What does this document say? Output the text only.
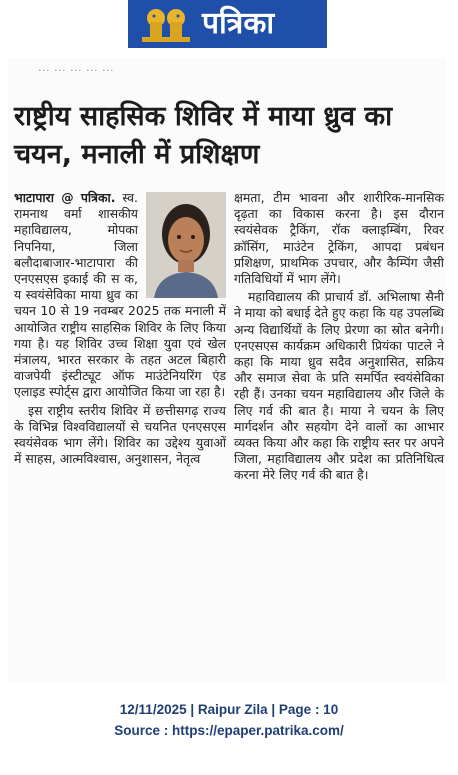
पत्रिका
... ... ... ... ...
राष्ट्रीय साहसिक शिविर में माया ध्रुव का चयन, मनाली में प्रशिक्षण

भाटापारा @ पत्रिका. स्व. रामनाथ वर्मा शासकीय महाविद्यालय, मोपका निपनिया, जिला बलौदाबाजार-भाटापारा की एनएसएस इकाई की स क, य स्वयंसेविका माया ध्रुव का चयन 10 से 19 नवम्बर 2025 तक मनाली में आयोजित राष्ट्रीय साहसिक शिविर के लिए किया गया है। यह शिविर उच्च शिक्षा युवा एवं खेल मंत्रालय, भारत सरकार के तहत अटल बिहारी वाजपेयी इंस्टीट्यूट ऑफ माउंटेनियरिंग एंड एलाइड स्पोर्ट्स द्वारा आयोजित किया जा रहा है।

इस राष्ट्रीय स्तरीय शिविर में छत्तीसगढ़ राज्य के विभिन्न विश्वविद्यालयों से चयनित एनएसएस स्वयंसेवक भाग लेंगे। शिविर का उद्देश्य युवाओं में साहस, आत्मविश्वास, अनुशासन, नेतृत्व

क्षमता, टीम भावना और शारीरिक-मानसिक दृढ़ता का विकास करना है। इस दौरान स्वयंसेवक ट्रैकिंग, रॉक क्लाइम्बिंग, रिवर क्रॉसिंग, माउंटेन ट्रेकिंग, आपदा प्रबंधन प्रशिक्षण, प्राथमिक उपचार, और कैम्पिंग जैसी गतिविधियों में भाग लेंगे।

महाविद्यालय की प्राचार्य डॉ. अभिलाषा सैनी ने माया को बधाई देते हुए कहा कि यह उपलब्धि अन्य विद्यार्थियों के लिए प्रेरणा का स्रोत बनेगी। एनएसएस कार्यक्रम अधिकारी प्रियंका पाटले ने कहा कि माया ध्रुव सदैव अनुशासित, सक्रिय और समाज सेवा के प्रति समर्पित स्वयंसेविका रही हैं। उनका चयन महाविद्यालय और जिले के लिए गर्व की बात है। माया ने चयन के लिए मार्गदर्शन और सहयोग देने वालों का आभार व्यक्त किया और कहा कि राष्ट्रीय स्तर पर अपने जिला, महाविद्यालय और प्रदेश का प्रतिनिधित्व करना मेरे लिए गर्व की बात है।

12/11/2025 | Raipur Zila | Page : 10
Source : https://epaper.patrika.com/
